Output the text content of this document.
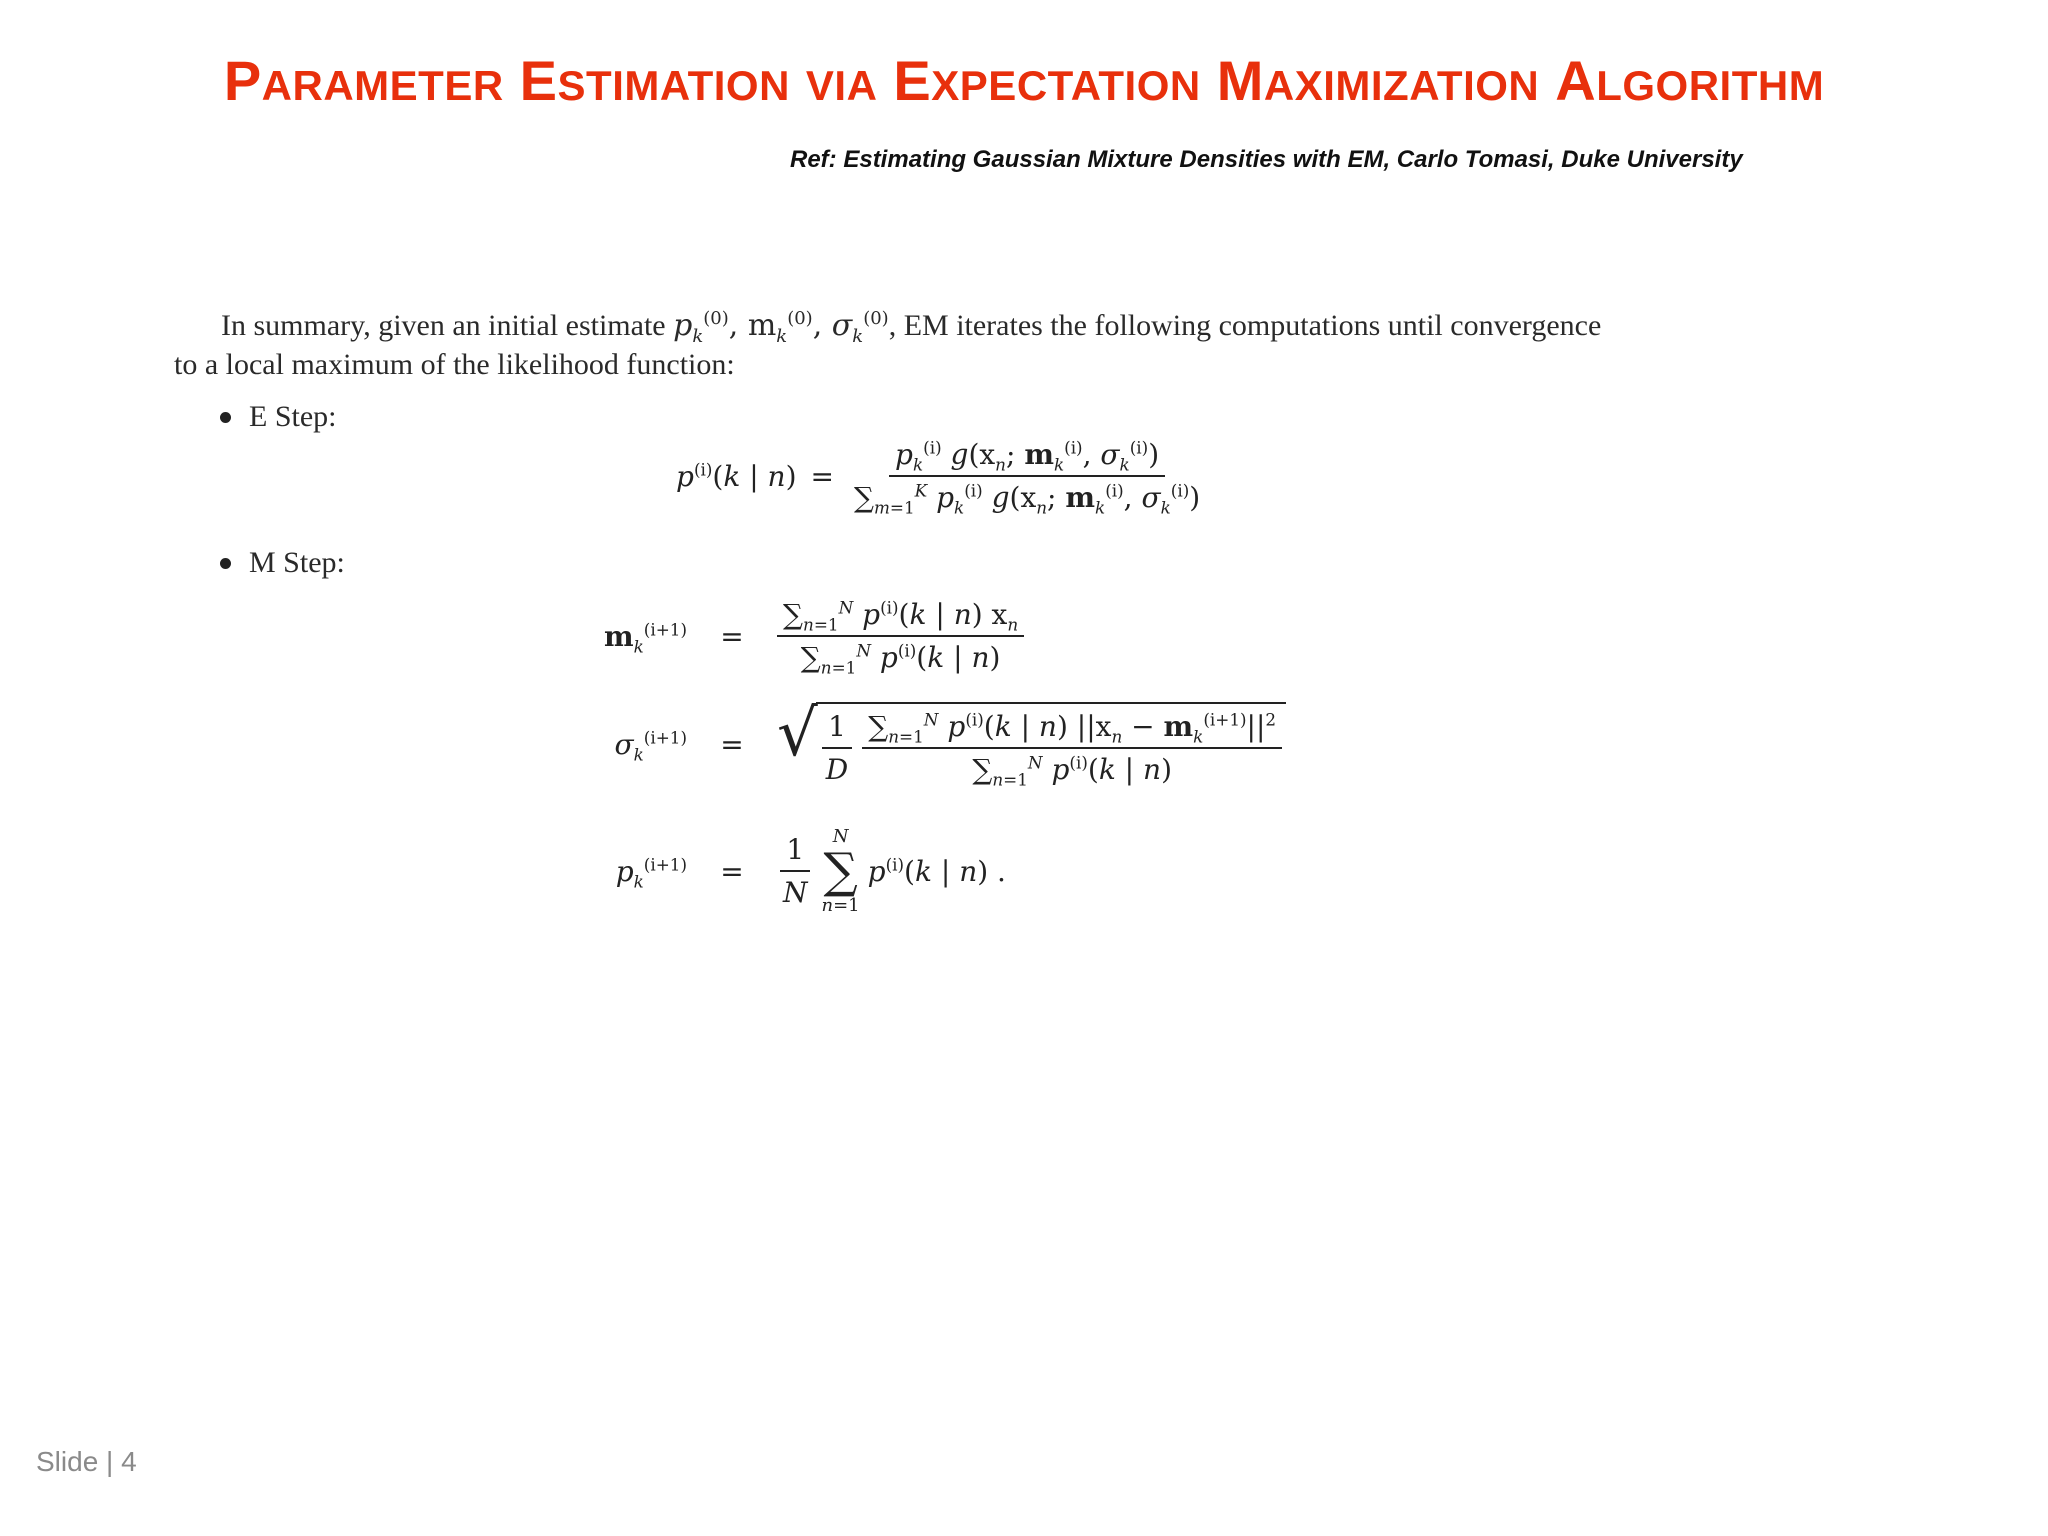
PARAMETER ESTIMATION VIA EXPECTATION MAXIMIZATION ALGORITHM
Ref: Estimating Gaussian Mixture Densities with EM, Carlo Tomasi, Duke University
In summary, given an initial estimate $p_k^{(0)}$, $m_k^{(0)}$, $\sigma_k^{(0)}$, EM iterates the following computations until convergence
to a local maximum of the likelihood function:
E Step:
$p^{(i)}(k$ | $n) = \frac{p_k^{(i)} g(x_n; m_k^{(i)}, \sigma_k^{(i)})}{\sum_{m=1}^K p_k^{(i)} g(x_n; m_k^{(i)}, \sigma_k^{(i)})}$
M Step:
$m_k^{(i+1)}$	=	$\frac{\sum_{n=1}^N p^{(i)}(k | n) x_n}{\sum_{n=1}^N p^{(i)}(k | n)}$
$\sigma_k^{(i+1)}$	= √ $\frac{1}{D} \frac{\sum_{n=1}^N p^{(i)}(k | n) ||x_n - m_k^{(i+1)}||^2}{\sum_{n=1}^N p^{(i)}(k | n)}$
$p_k^{(i+1)}$	=	$\frac{1}{N}$ N
∑
n=1
$p^{(i)}(k$ | n) .
Slide | 4
